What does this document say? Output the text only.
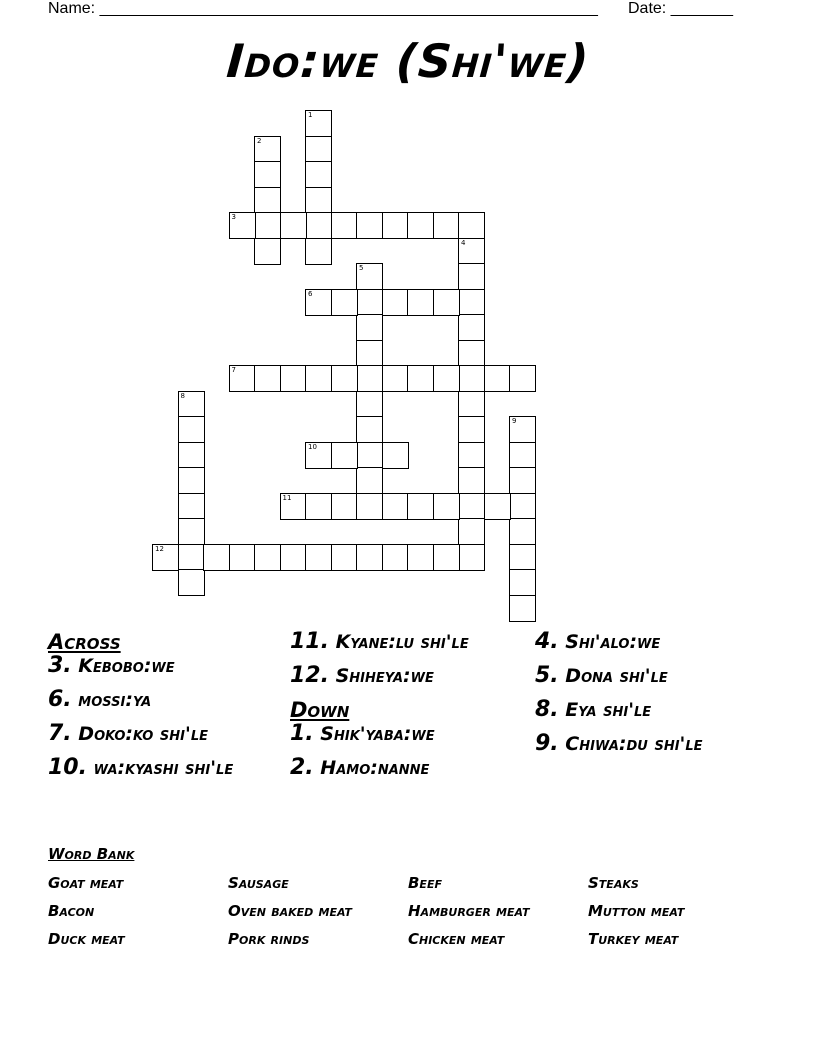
Name: ________________________________________________________ Date: _______
Ido:we (Shi'we)
1
2
3
4
5
6
7
8
9
10
11
12
Across
3. Kebobo:we
6. mossi:ya
7. Doko:ko shi'le
10. wa:kyashi shi'le
11. Kyane:lu shi'le
12. Shiheya:we
Down
1. Shik'yaba:we
2. Hamo:nanne
4. Shi'alo:we
5. Dona shi'le
8. Eya shi'le
9. Chiwa:du shi'le
Word Bank
Goat meat	Sausage	Beef	Steaks
Bacon	Oven baked meat	Hamburger meat	Mutton meat
Duck meat	Pork rinds	Chicken meat	Turkey meat
